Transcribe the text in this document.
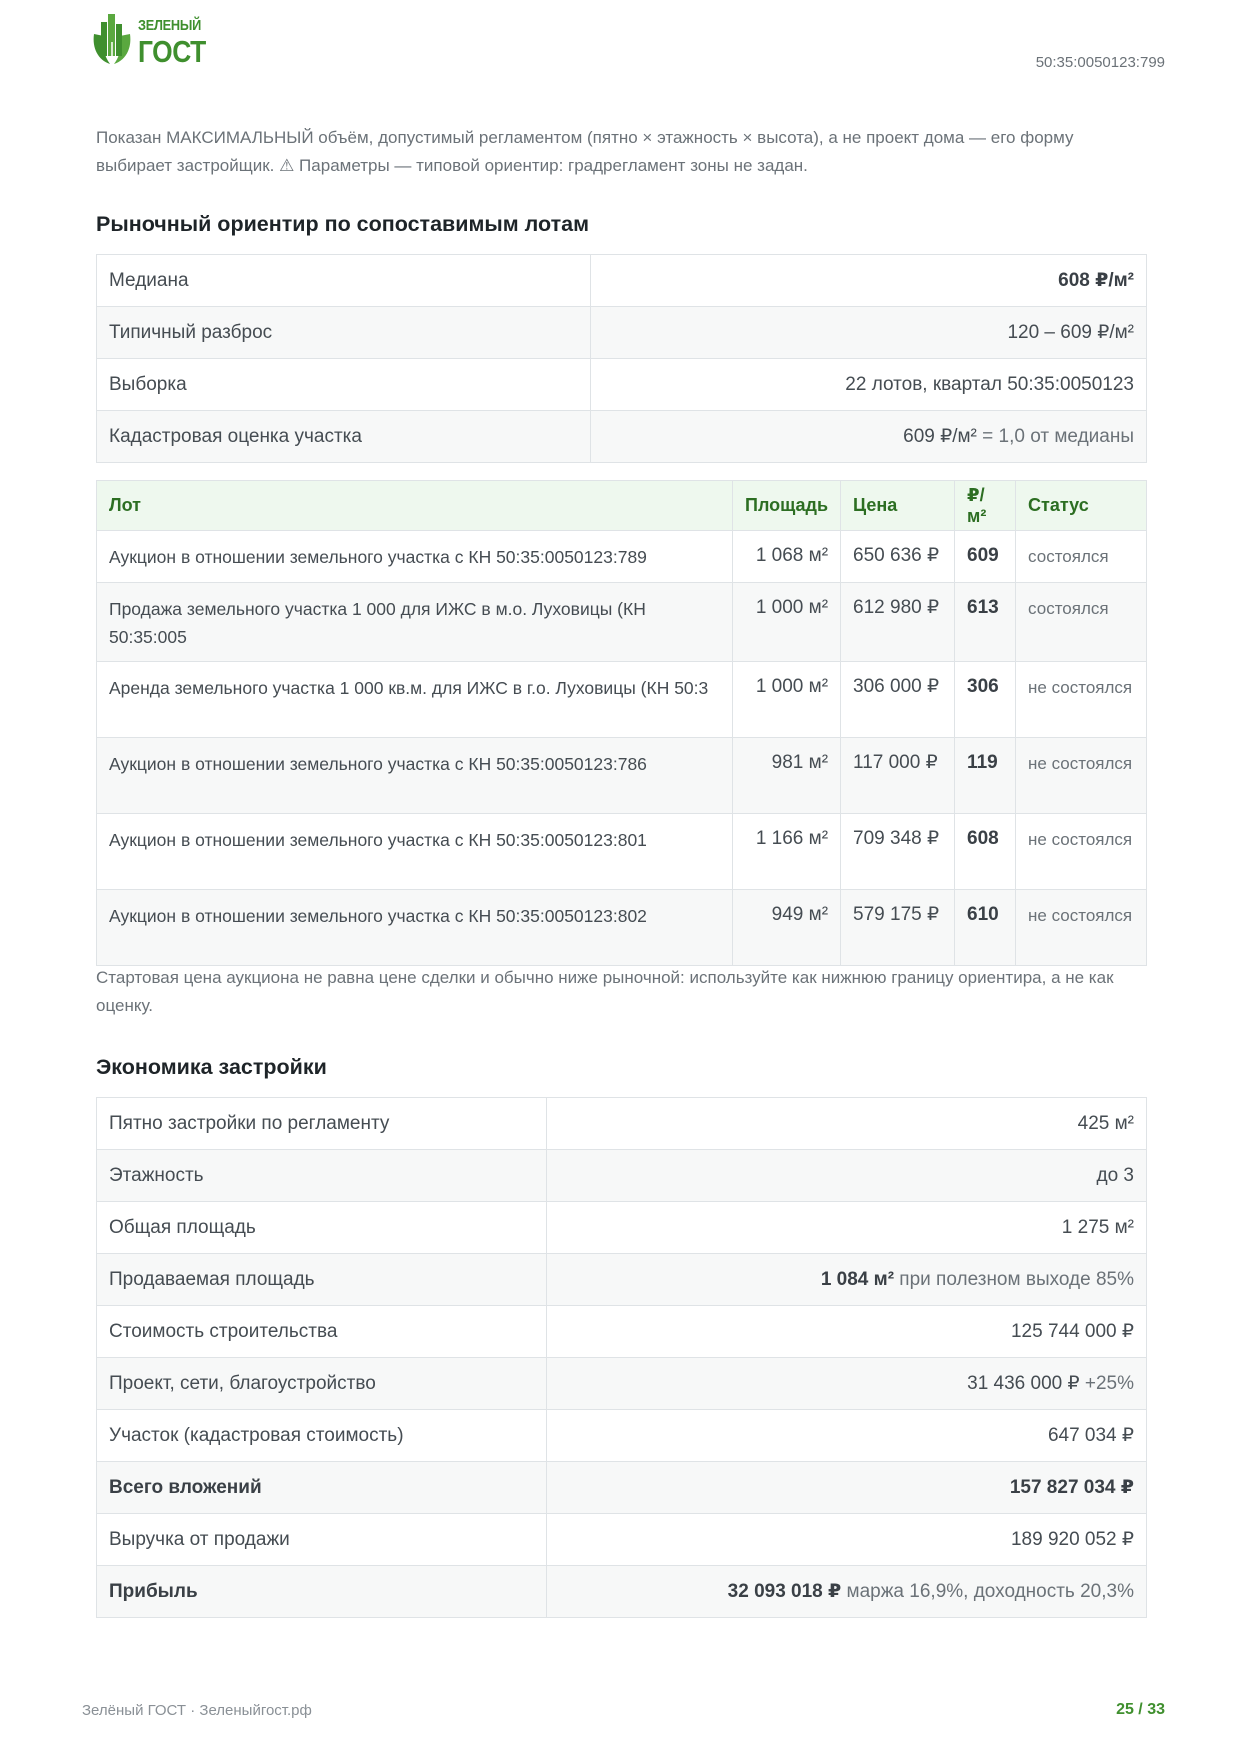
ЗЕЛЕНЫЙ
ГОСТ	50:35:0050123:799
Показан МАКСИМАЛЬНЫЙ объём, допустимый регламентом (пятно × этажность × высота), а не проект дома — его форму выбирает застройщик. ⚠ Параметры — типовой ориентир: градрегламент зоны не задан.
Рыночный ориентир по сопоставимым лотам
Медиана	608 ₽/м²
Типичный разброс	120 – 609 ₽/м²
Выборка	22 лотов, квартал 50:35:0050123
Кадастровая оценка участка	609 ₽/м² = 1,0 от медианы
Лот	Площадь	Цена	₽/м²	Статус
Аукцион в отношении земельного участка с КН 50:35:0050123:789	1 068 м²	650 636 ₽	609	состоялся
Продажа земельного участка 1 000 для ИЖС в м.о. Луховицы (КН 50:35:005	1 000 м²	612 980 ₽	613	состоялся
Аренда земельного участка 1 000 кв.м. для ИЖС в г.о. Луховицы (КН 50:3	1 000 м²	306 000 ₽	306	не состоялся
Аукцион в отношении земельного участка с КН 50:35:0050123:786	981 м²	117 000 ₽	119	не состоялся
Аукцион в отношении земельного участка с КН 50:35:0050123:801	1 166 м²	709 348 ₽	608	не состоялся
Аукцион в отношении земельного участка с КН 50:35:0050123:802	949 м²	579 175 ₽	610	не состоялся
Стартовая цена аукциона не равна цене сделки и обычно ниже рыночной: используйте как нижнюю границу ориентира, а не как оценку.
Экономика застройки
Пятно застройки по регламенту	425 м²
Этажность	до 3
Общая площадь	1 275 м²
Продаваемая площадь	1 084 м² при полезном выходе 85%
Стоимость строительства	125 744 000 ₽
Проект, сети, благоустройство	31 436 000 ₽ +25%
Участок (кадастровая стоимость)	647 034 ₽
Всего вложений	157 827 034 ₽
Выручка от продажи	189 920 052 ₽
Прибыль	32 093 018 ₽ маржа 16,9%, доходность 20,3%
Зелёный ГОСТ · Зеленыйгост.рф	25 / 33
